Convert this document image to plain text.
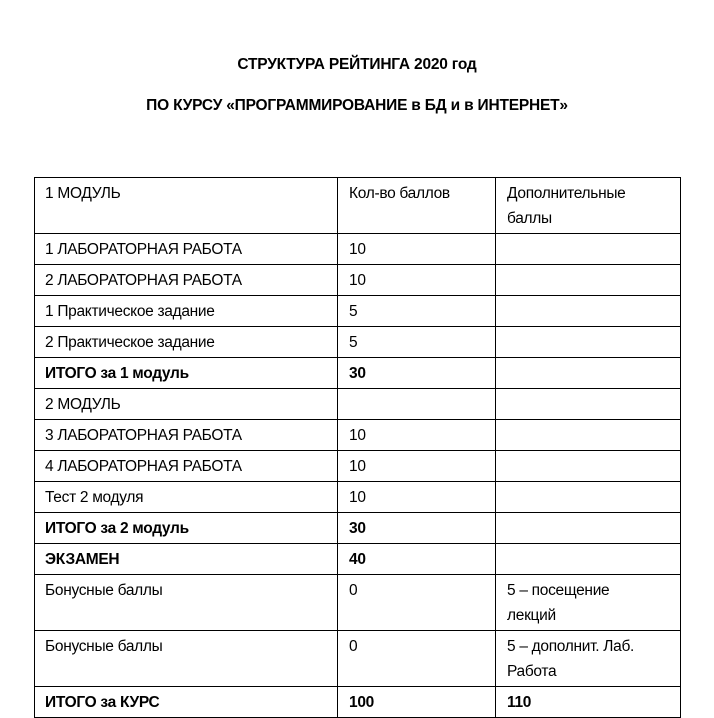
СТРУКТУРА РЕЙТИНГА 2020 год
ПО КУРСУ «ПРОГРАММИРОВАНИЕ в БД и в ИНТЕРНЕТ»
1 МОДУЛЬ	Кол-во баллов	Дополнительные
баллы
1 ЛАБОРАТОРНАЯ РАБОТА	10	
2 ЛАБОРАТОРНАЯ РАБОТА	10	
1 Практическое задание	5	
2 Практическое задание	5	
ИТОГО за 1 модуль	30	
2 МОДУЛЬ		
3 ЛАБОРАТОРНАЯ РАБОТА	10	
4 ЛАБОРАТОРНАЯ РАБОТА	10	
Тест 2 модуля	10	
ИТОГО за 2 модуль	30	
ЭКЗАМЕН	40	
Бонусные баллы	0	5 – посещение
лекций
Бонусные баллы	0	5 – дополнит. Лаб.
Работа
ИТОГО за КУРС	100	110
